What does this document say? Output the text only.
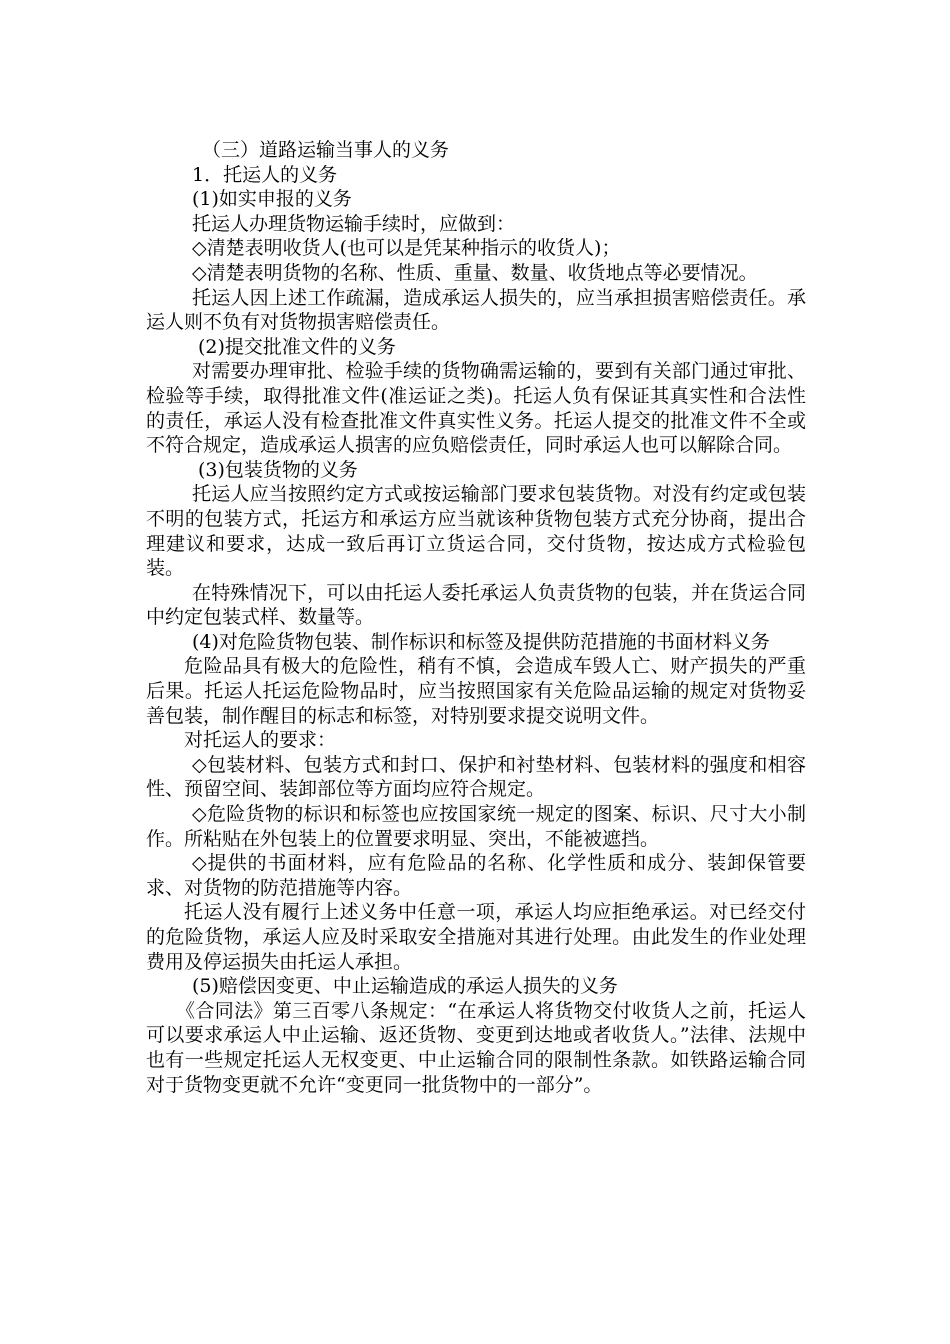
（三）道路运输当事人的义务

1．托运人的义务

(1)如实申报的义务

托运人办理货物运输手续时，应做到：

◇清楚表明收货人(也可以是凭某种指示的收货人)；

◇清楚表明货物的名称、性质、重量、数量、收货地点等必要情况。

托运人因上述工作疏漏，造成承运人损失的，应当承担损害赔偿责任。承运人则不负有对货物损害赔偿责任。

(2)提交批准文件的义务

对需要办理审批、检验手续的货物确需运输的，要到有关部门通过审批、检验等手续，取得批准文件(准运证之类)。托运人负有保证其真实性和合法性的责任，承运人没有检查批准文件真实性义务。托运人提交的批准文件不全或不符合规定，造成承运人损害的应负赔偿责任，同时承运人也可以解除合同。

(3)包装货物的义务

托运人应当按照约定方式或按运输部门要求包装货物。对没有约定或包装不明的包装方式，托运方和承运方应当就该种货物包装方式充分协商，提出合理建议和要求，达成一致后再订立货运合同，交付货物，按达成方式检验包装。

在特殊情况下，可以由托运人委托承运人负责货物的包装，并在货运合同中约定包装式样、数量等。

(4)对危险货物包装、制作标识和标签及提供防范措施的书面材料义务

危险品具有极大的危险性，稍有不慎，会造成车毁人亡、财产损失的严重后果。托运人托运危险物品时，应当按照国家有关危险品运输的规定对货物妥善包装，制作醒目的标志和标签，对特别要求提交说明文件。

对托运人的要求：

◇包装材料、包装方式和封口、保护和衬垫材料、包装材料的强度和相容性、预留空间、装卸部位等方面均应符合规定。

◇危险货物的标识和标签也应按国家统一规定的图案、标识、尺寸大小制作。所粘贴在外包装上的位置要求明显、突出，不能被遮挡。

◇提供的书面材料，应有危险品的名称、化学性质和成分、装卸保管要求、对货物的防范措施等内容。

托运人没有履行上述义务中任意一项，承运人均应拒绝承运。对已经交付的危险货物，承运人应及时采取安全措施对其进行处理。由此发生的作业处理费用及停运损失由托运人承担。

(5)赔偿因变更、中止运输造成的承运人损失的义务

《合同法》第三百零八条规定：“在承运人将货物交付收货人之前，托运人可以要求承运人中止运输、返还货物、变更到达地或者收货人。”法律、法规中也有一些规定托运人无权变更、中止运输合同的限制性条款。如铁路运输合同对于货物变更就不允许“变更同一批货物中的一部分”。
